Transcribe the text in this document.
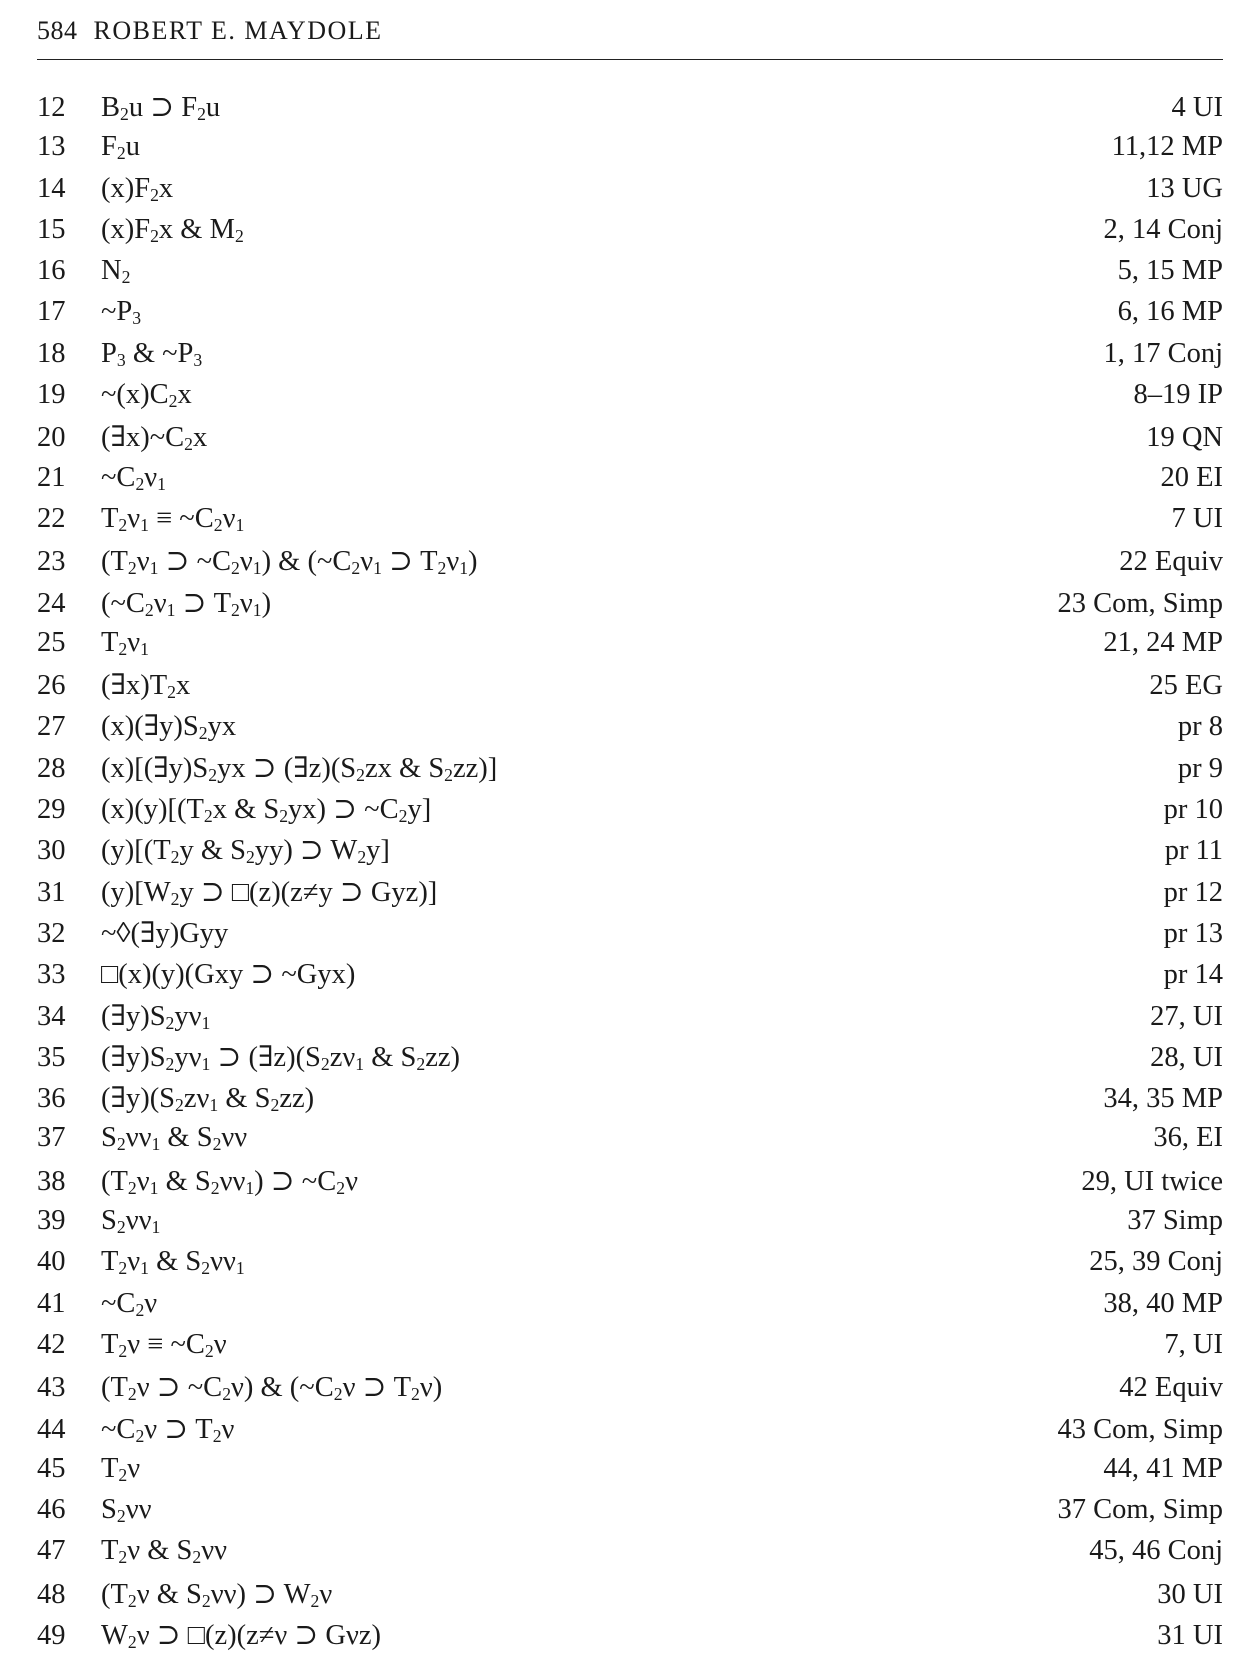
584 ROBERT E. MAYDOLE
12	$B_2u$ ⊃ $F_2u$	4 UI
13	$F_2u$	11,12 MP
14	$(x)F_2x$	13 UG
15	$(x)F_2x$ & $M_2$	2, 14 Conj
16	$N_2$	5, 15 MP
17	$\sim P_3$	6, 16 MP
18	$P_3$ & $\sim P_3$	1, 17 Conj
19	$\sim(x)C_2x$	8–19 IP
20	$(\exists x)\sim C_2x$	19 QN
21	$\sim C_2\nu_1$	20 EI
22	$T_2\nu_1$ ≡ $\sim C_2\nu_1$	7 UI
23	($T_2\nu_1$ ⊃ $\sim C_2\nu_1$) & ($\sim C_2\nu_1$ ⊃ $T_2\nu_1$)	22 Equiv
24	($\sim C_2\nu_1$ ⊃ $T_2\nu_1$)	23 Com, Simp
25	$T_2\nu_1$	21, 24 MP
26	$(\exists x)T_2x$	25 EG
27	$(x)(\exists y)S_2yx$	pr 8
28	$(x)[(\exists y)S_2yx$ ⊃ $(\exists z)(S_2zx$ & $S_2zz$)]	pr 9
29	$(x)(y)[(T_2x$ & $S_2yx$) ⊃ $\sim C_2y$]	pr 10
30	$(y)[(T_2y$ & $S_2yy$) ⊃ $W_2y$]	pr 11
31	$(y)[W_2y$ ⊃ □(z)(z≠y ⊃ Gyz)]	pr 12
32	~◊(∃y)Gyy	pr 13
33	□(x)(y)(Gxy ⊃ ~Gyx)	pr 14
34	$(\exists y)S_2y\nu_1$	27, UI
35	$(\exists y)S_2y\nu_1$ ⊃ $(\exists z)(S_2z\nu_1$ & $S_2zz$)	28, UI
36	$(\exists y)(S_2z\nu_1$ & $S_2zz$)	34, 35 MP
37	$S_2\nu\nu_1$ & $S_2\nu\nu$	36, EI
38	($T_2\nu_1$ & $S_2\nu\nu_1$) ⊃ $\sim C_2\nu$	29, UI twice
39	$S_2\nu\nu_1$	37 Simp
40	$T_2\nu_1$ & $S_2\nu\nu_1$	25, 39 Conj
41	$\sim C_2\nu$	38, 40 MP
42	$T_2\nu$ ≡ $\sim C_2\nu$	7, UI
43	($T_2\nu$ ⊃ $\sim C_2\nu$) & ($\sim C_2\nu$ ⊃ $T_2\nu$)	42 Equiv
44	$\sim C_2\nu$ ⊃ $T_2\nu$	43 Com, Simp
45	$T_2\nu$	44, 41 MP
46	$S_2\nu\nu$	37 Com, Simp
47	$T_2\nu$ & $S_2\nu\nu$	45, 46 Conj
48	($T_2\nu$ & $S_2\nu\nu$) ⊃ $W_2\nu$	30 UI
49	$W_2\nu$ ⊃ □(z)(z≠ν ⊃ Gνz)	31 UI
